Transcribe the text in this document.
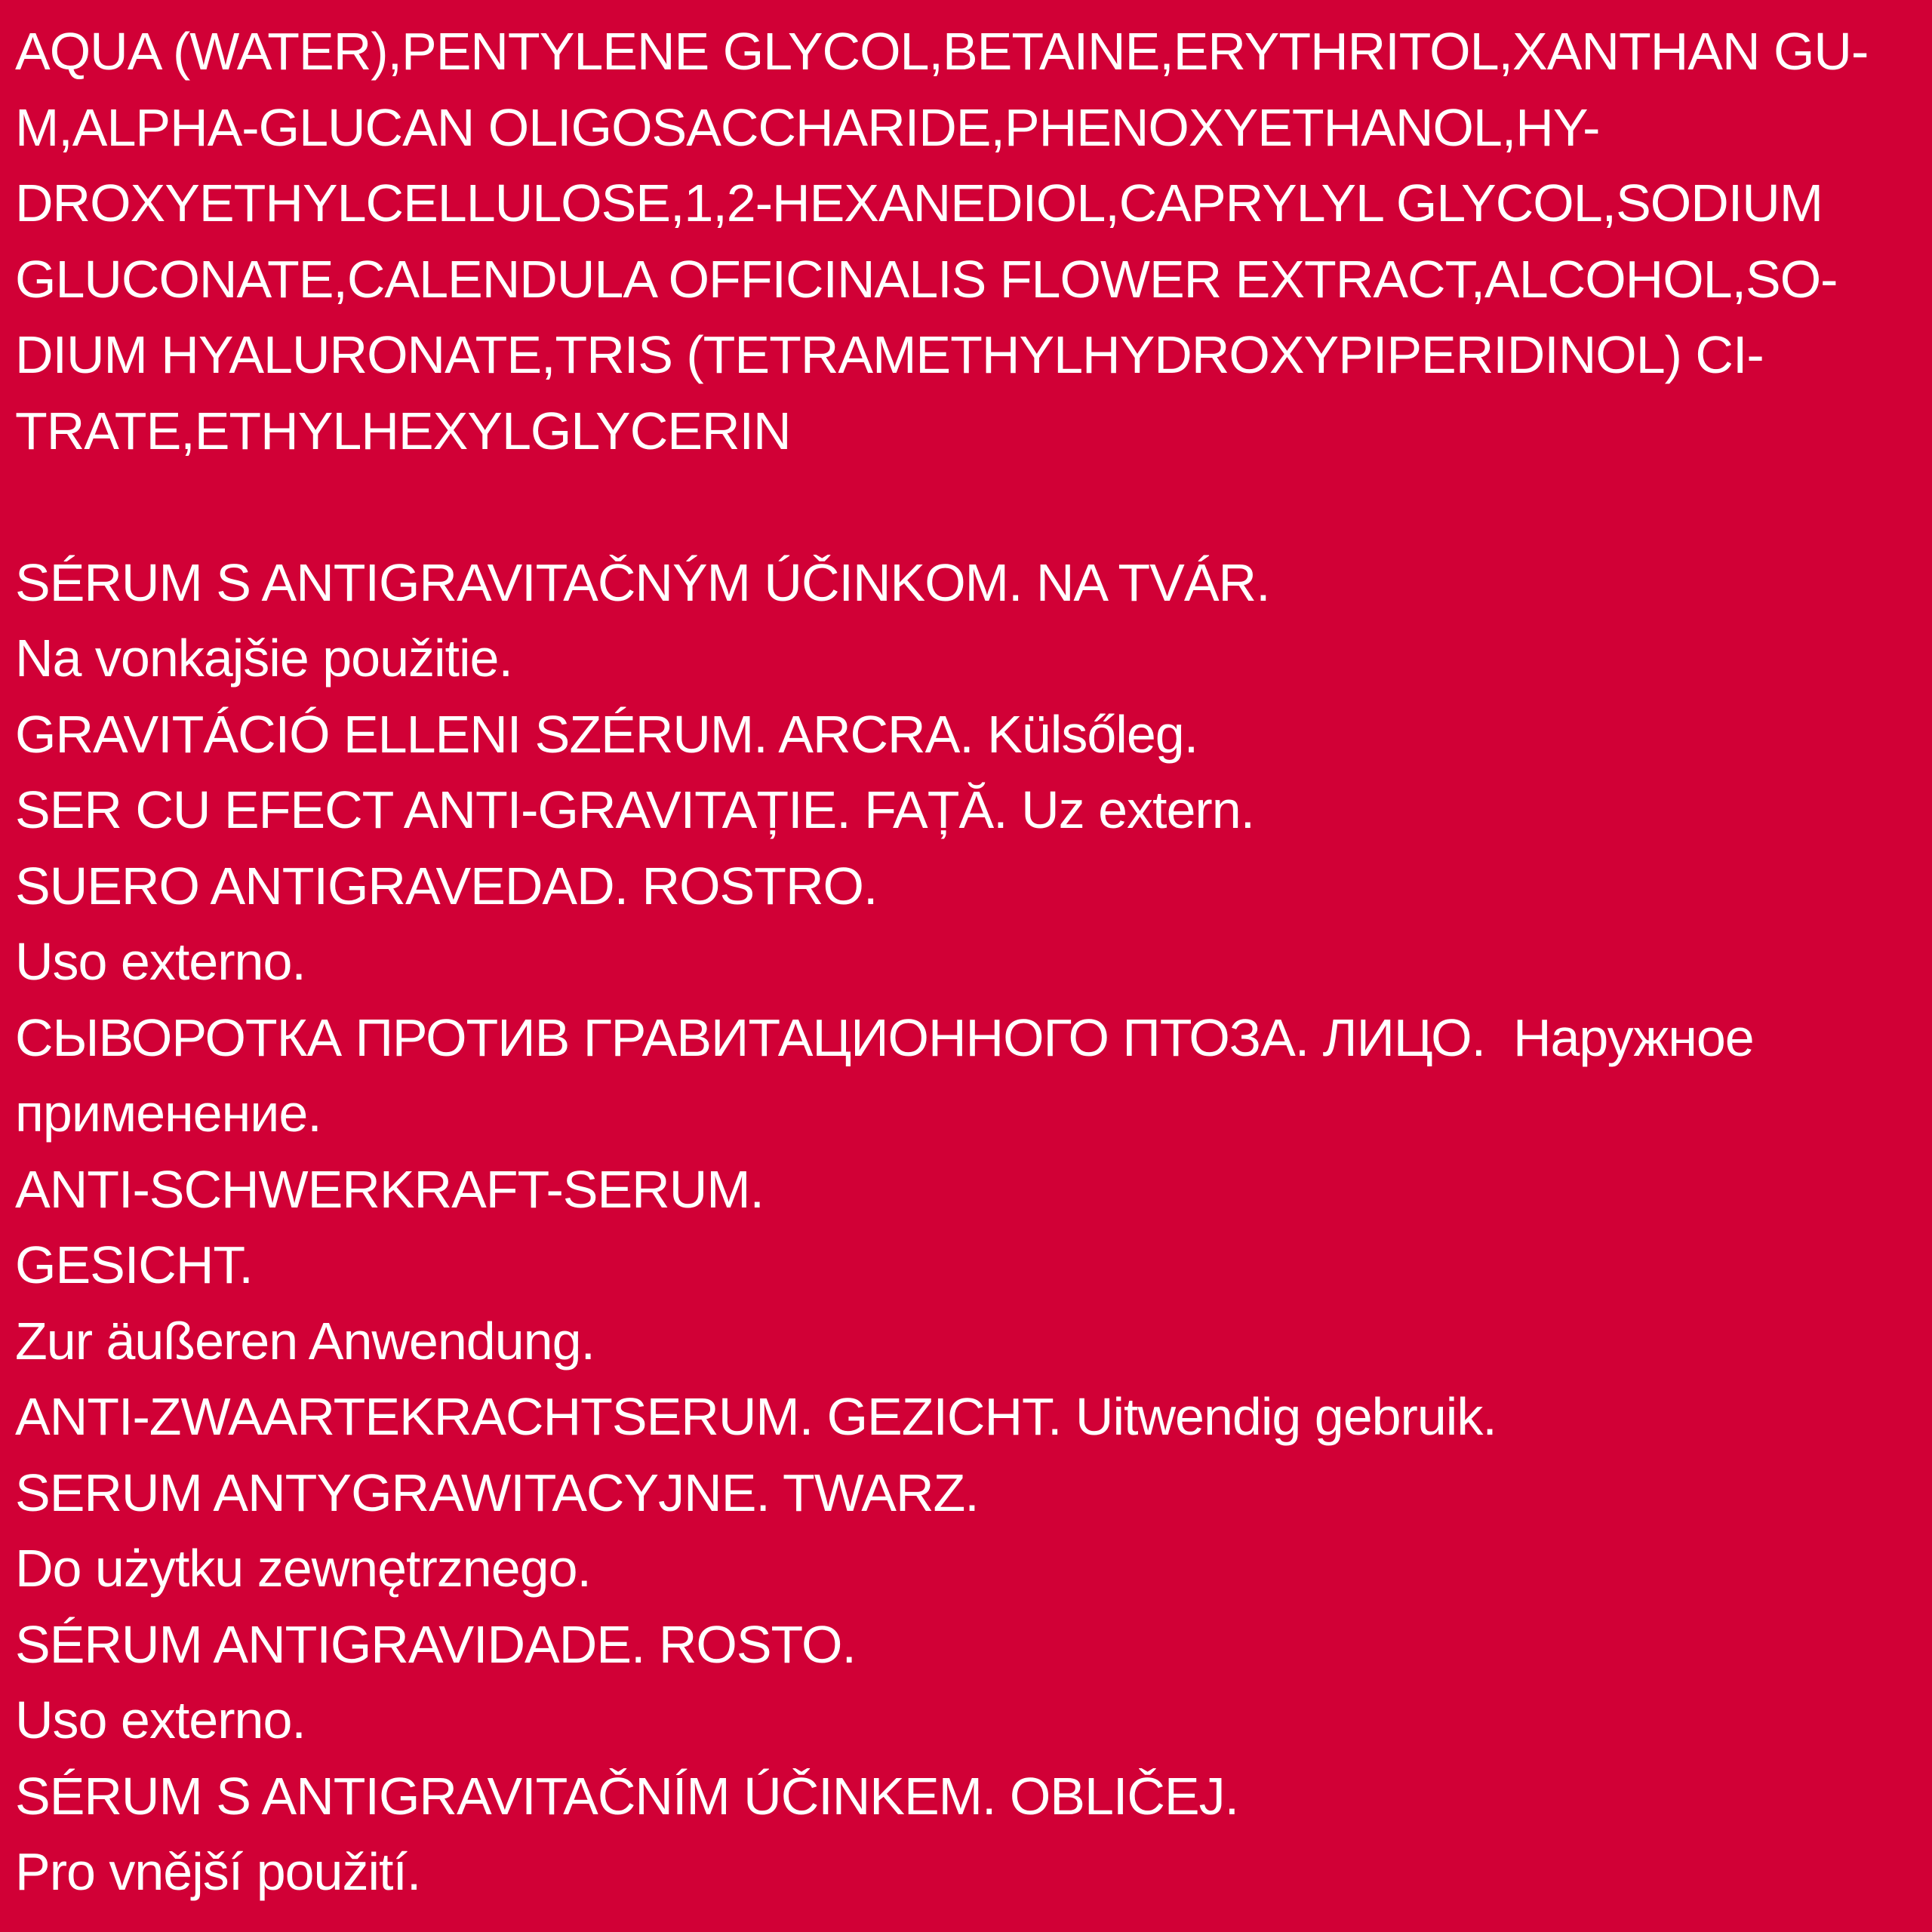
AQUA (WATER),PENTYLENE GLYCOL,BETAINE,ERYTHRITOL,XANTHAN GU-
M,ALPHA-GLUCAN OLIGOSACCHARIDE,PHENOXYETHANOL,HY-
DROXYETHYLCELLULOSE,1,2-HEXANEDIOL,CAPRYLYL GLYCOL,SODIUM
GLUCONATE,CALENDULA OFFICINALIS FLOWER EXTRACT,ALCOHOL,SO-
DIUM HYALURONATE,TRIS (TETRAMETHYLHYDROXYPIPERIDINOL) CI-
TRATE,ETHYLHEXYLGLYCERIN
SÉRUM S ANTIGRAVITAČNÝM ÚČINKOM. NA TVÁR.
Na vonkajšie použitie.
GRAVITÁCIÓ ELLENI SZÉRUM. ARCRA. Külsőleg.
SER CU EFECT ANTI-GRAVITAȚIE. FAȚĂ. Uz extern.
SUERO ANTIGRAVEDAD. ROSTRO.
Uso externo.
СЫВОРОТКА ПРОТИВ ГРАВИТАЦИОННОГО ПТОЗА. ЛИЦО.  Наружное
применение.
ANTI-SCHWERKRAFT-SERUM.
GESICHT.
Zur äußeren Anwendung.
ANTI-ZWAARTEKRACHTSERUM. GEZICHT. Uitwendig gebruik.
SERUM ANTYGRAWITACYJNE. TWARZ.
Do użytku zewnętrznego.
SÉRUM ANTIGRAVIDADE. ROSTO.
Uso externo.
SÉRUM S ANTIGRAVITAČNÍM ÚČINKEM. OBLIČEJ.
Pro vnější použití.
